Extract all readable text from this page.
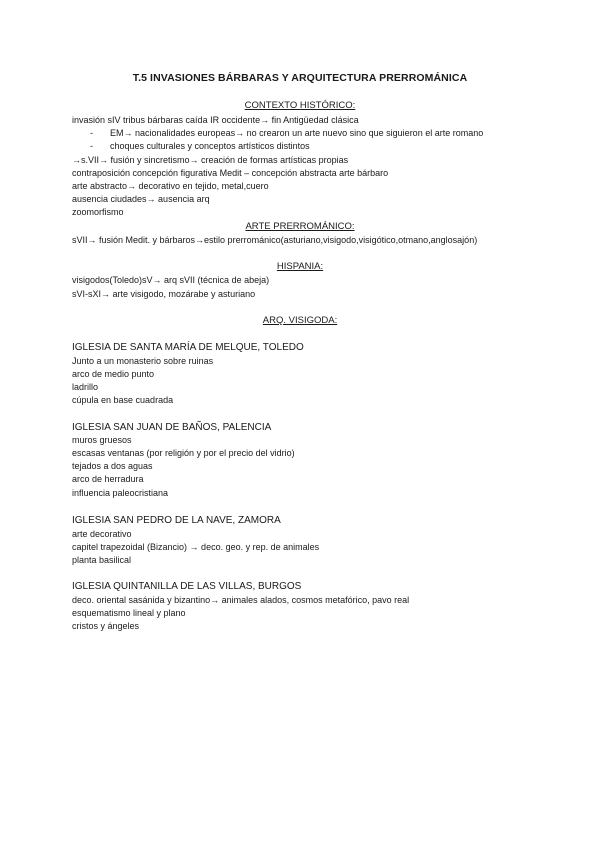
T.5 INVASIONES BÁRBARAS Y ARQUITECTURA PRERROMÁNICA
CONTEXTO HISTÓRICO:
invasión sIV tribus bárbaras caída IR occidente→ fin Antigüedad clásica
- EM→ nacionalidades europeas→ no crearon un arte nuevo sino que siguieron el arte romano
- choques culturales y conceptos artísticos distintos
→s.VII→ fusión y sincretismo→ creación de formas artísticas propias
contraposición concepción figurativa Medit – concepción abstracta arte bárbaro
arte abstracto→ decorativo en tejido, metal,cuero
ausencia ciudades→ ausencia arq
zoomorfismo
ARTE PRERROMÁNICO:
sVII→ fusión Medit. y bárbaros→estilo prerrománico(asturiano,visigodo,visigótico,otmano,anglosajón)
HISPANIA:
visigodos(Toledo)sV→ arq sVII (técnica de abeja)
sVI-sXI→ arte visigodo, mozárabe y asturiano
ARQ. VISIGODA:
IGLESIA DE SANTA MARÍA DE MELQUE, TOLEDO
Junto a un monasterio sobre ruinas
arco de medio punto
ladrillo
cúpula en base cuadrada
IGLESIA SAN JUAN DE BAÑOS, PALENCIA
muros gruesos
escasas ventanas (por religión y por el precio del vidrio)
tejados a dos aguas
arco de herradura
influencia paleocristiana
IGLESIA SAN PEDRO DE LA NAVE, ZAMORA
arte decorativo
capitel trapezoidal (Bizancio) → deco. geo. y rep. de animales
planta basilical
IGLESIA QUINTANILLA DE LAS VILLAS, BURGOS
deco. oriental sasánida y bizantino→ animales alados, cosmos metafórico, pavo real
esquematismo lineal y plano
cristos y ángeles
